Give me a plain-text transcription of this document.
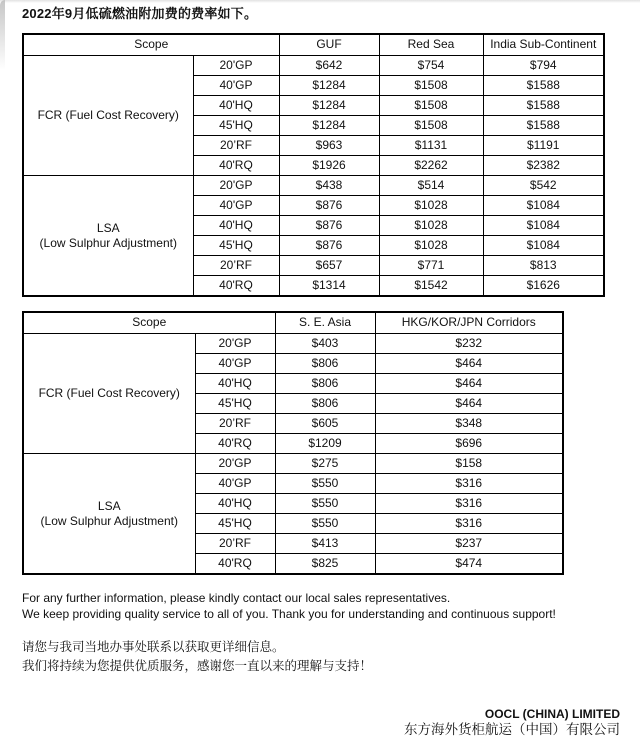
2022年9月低硫燃油附加费的费率如下。
Scope		GUF	Red Sea	India Sub-Continent
FCR (Fuel Cost Recovery)	20'GP	$642	$754	$794
	40'GP	$1284	$1508	$1588
	40'HQ	$1284	$1508	$1588
	45'HQ	$1284	$1508	$1588
	20’RF	$963	$1131	$1191
	40'RQ	$1926	$2262	$2382
LSA
(Low Sulphur Adjustment)	20'GP	$438	$514	$542
	40'GP	$876	$1028	$1084
	40'HQ	$876	$1028	$1084
	45'HQ	$876	$1028	$1084
	20’RF	$657	$771	$813
	40'RQ	$1314	$1542	$1626
Scope		S. E. Asia	HKG/KOR/JPN Corridors
FCR (Fuel Cost Recovery)	20'GP	$403	$232
	40'GP	$806	$464
	40'HQ	$806	$464
	45'HQ	$806	$464
	20’RF	$605	$348
	40'RQ	$1209	$696
LSA
(Low Sulphur Adjustment)	20'GP	$275	$158
	40'GP	$550	$316
	40'HQ	$550	$316
	45'HQ	$550	$316
	20’RF	$413	$237
	40'RQ	$825	$474
For any further information, please kindly contact our local sales representatives.
We keep providing quality service to all of you. Thank you for understanding and continuous support!
请您与我司当地办事处联系以获取更详细信息。
我们将持续为您提供优质服务，感谢您一直以来的理解与支持！
OOCL (CHINA) LIMITED
东方海外货柜航运（中国）有限公司
